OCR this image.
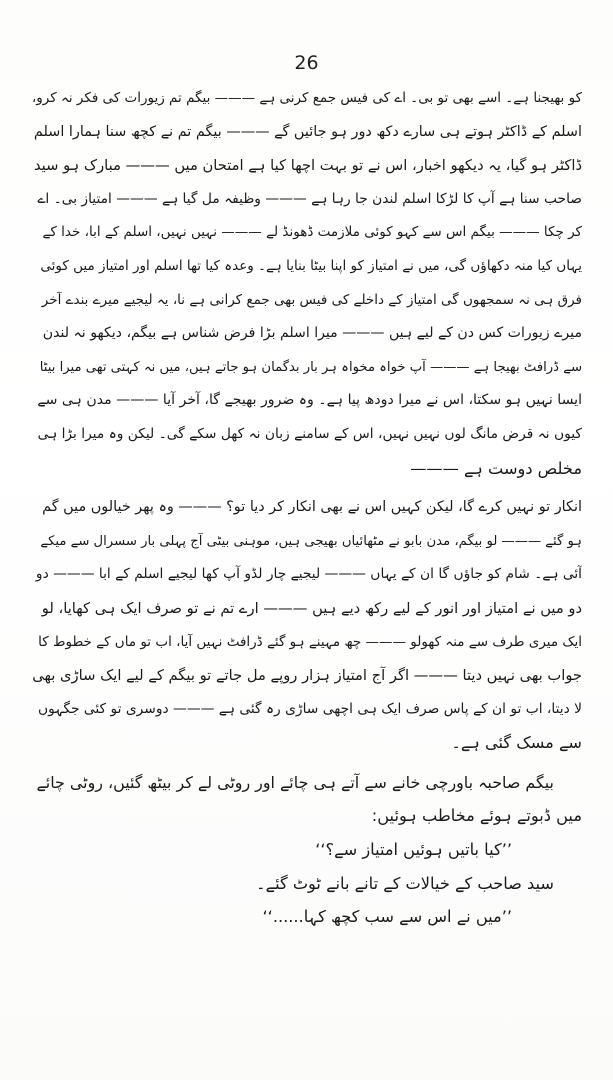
26
کو بھیجنا ہے۔ اسے بھی تو بی۔ اے کی فیس جمع کرنی ہے ——— بیگم تم زیورات کی فکر نہ کرو،
اسلم کے ڈاکٹر ہوتے ہی سارے دکھ دور ہو جائیں گے ——— بیگم تم نے کچھ سنا ہمارا اسلم
ڈاکٹر ہو گیا، یہ دیکھو اخبار، اس نے تو بہت اچھا کیا ہے امتحان میں ——— مبارک ہو سید
صاحب سنا ہے آپ کا لڑکا اسلم لندن جا رہا ہے ——— وظیفہ مل گیا ہے ——— امتیاز بی۔ اے
کر چکا ——— بیگم اس سے کہو کوئی ملازمت ڈھونڈ لے ——— نہیں نہیں، اسلم کے ابا، خدا کے
یہاں کیا منہ دکھاؤں گی، میں نے امتیاز کو اپنا بیٹا بنایا ہے۔ وعدہ کیا تھا اسلم اور امتیاز میں کوئی
فرق ہی نہ سمجھوں گی امتیاز کے داخلے کی فیس بھی جمع کرانی ہے نا، یہ لیجیے میرے بندے آخر
میرے زیورات کس دن کے لیے ہیں ——— میرا اسلم بڑا فرض شناس ہے بیگم، دیکھو نہ لندن
سے ڈرافٹ بھیجا ہے ——— آپ خواہ مخواہ ہر بار بدگمان ہو جاتے ہیں، میں نہ کہتی تھی میرا بیٹا
ایسا نہیں ہو سکتا، اس نے میرا دودھ پیا ہے۔ وہ ضرور بھیجے گا، آخر آیا ——— مدن ہی سے
کیوں نہ قرض مانگ لوں نہیں نہیں، اس کے سامنے زبان نہ کھل سکے گی۔ لیکن وہ میرا بڑا ہی
مخلص دوست ہے ———
انکار تو نہیں کرے گا، لیکن کہیں اس نے بھی انکار کر دیا تو؟ ——— وہ پھر خیالوں میں گم
ہو گئے ——— لو بیگم، مدن بابو نے مٹھائیاں بھیجی ہیں، موہنی بیٹی آج پہلی بار سسرال سے میکے
آئی ہے۔ شام کو جاؤں گا ان کے یہاں ——— لیجیے چار لڈو آپ کھا لیجیے اسلم کے ابا ——— دو
دو میں نے امتیاز اور انور کے لیے رکھ دیے ہیں ——— ارے تم نے تو صرف ایک ہی کھایا، لو
ایک میری طرف سے منہ کھولو ——— چھ مہینے ہو گئے ڈرافٹ نہیں آیا، اب تو ماں کے خطوط کا
جواب بھی نہیں دیتا ——— اگر آج امتیاز ہزار روپے مل جاتے تو بیگم کے لیے ایک ساڑی بھی
لا دیتا، اب تو ان کے پاس صرف ایک ہی اچھی ساڑی رہ گئی ہے ——— دوسری تو کئی جگہوں
سے مسک گئی ہے۔
بیگم صاحبہ باورچی خانے سے آتے ہی چائے اور روٹی لے کر بیٹھ گئیں، روٹی چائے
میں ڈبوتے ہوئے مخاطب ہوئیں:
’’کیا باتیں ہوئیں امتیاز سے؟‘‘
سید صاحب کے خیالات کے تانے بانے ٹوٹ گئے۔
’’میں نے اس سے سب کچھ کہا......‘‘
